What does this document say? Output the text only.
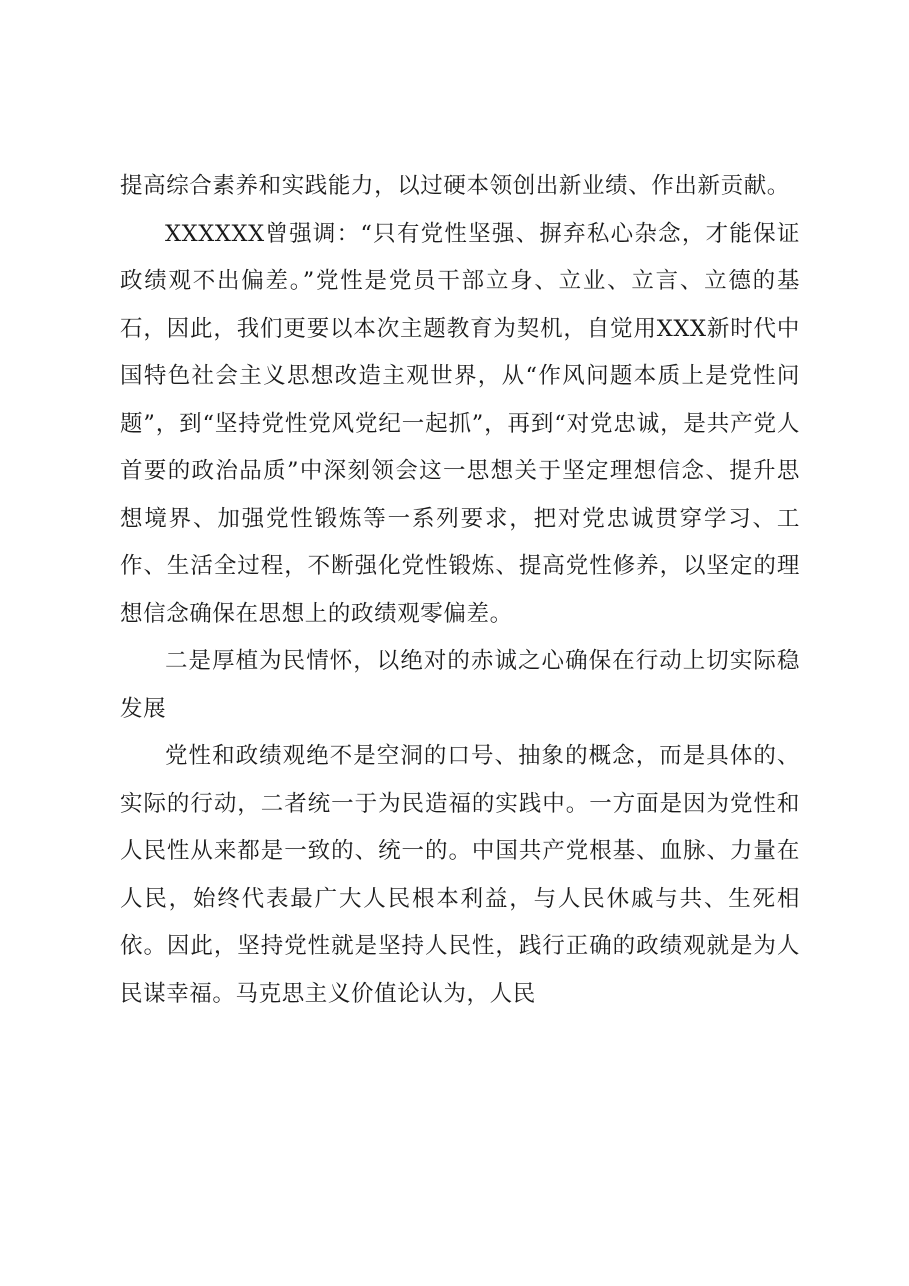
提高综合素养和实践能力，以过硬本领创出新业绩、作出新贡献。

XXXXXX曾强调：“只有党性坚强、摒弃私心杂念，才能保证政绩观不出偏差。”党性是党员干部立身、立业、立言、立德的基石，因此，我们更要以本次主题教育为契机，自觉用XXX新时代中国特色社会主义思想改造主观世界，从“作风问题本质上是党性问题”，到“坚持党性党风党纪一起抓”，再到“对党忠诚，是共产党人首要的政治品质”中深刻领会这一思想关于坚定理想信念、提升思想境界、加强党性锻炼等一系列要求，把对党忠诚贯穿学习、工作、生活全过程，不断强化党性锻炼、提高党性修养，以坚定的理想信念确保在思想上的政绩观零偏差。

二是厚植为民情怀，以绝对的赤诚之心确保在行动上切实际稳发展

党性和政绩观绝不是空洞的口号、抽象的概念，而是具体的、实际的行动，二者统一于为民造福的实践中。一方面是因为党性和人民性从来都是一致的、统一的。中国共产党根基、血脉、力量在人民，始终代表最广大人民根本利益，与人民休戚与共、生死相依。因此，坚持党性就是坚持人民性，践行正确的政绩观就是为人民谋幸福。马克思主义价值论认为，人民
